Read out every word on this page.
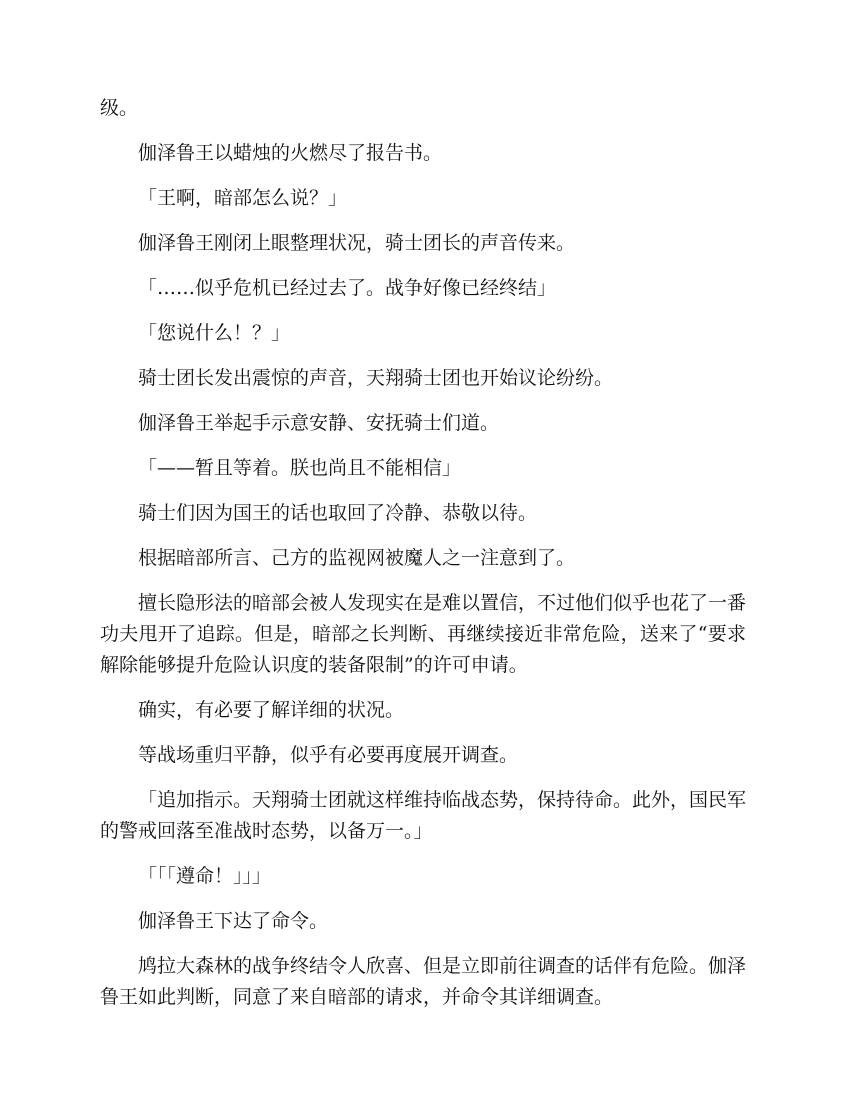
级。

伽泽鲁王以蜡烛的火燃尽了报告书。

「王啊，暗部怎么说？」

伽泽鲁王刚闭上眼整理状况，骑士团长的声音传来。

「……似乎危机已经过去了。战争好像已经终结」

「您说什么！？」

骑士团长发出震惊的声音，天翔骑士团也开始议论纷纷。

伽泽鲁王举起手示意安静、安抚骑士们道。

「——暂且等着。朕也尚且不能相信」

骑士们因为国王的话也取回了冷静、恭敬以待。

根据暗部所言、己方的监视网被魔人之一注意到了。

擅长隐形法的暗部会被人发现实在是难以置信，不过他们似乎也花了一番功夫甩开了追踪。但是，暗部之长判断、再继续接近非常危险，送来了“要求解除能够提升危险认识度的装备限制”的许可申请。

确实，有必要了解详细的状况。

等战场重归平静，似乎有必要再度展开调查。

「追加指示。天翔骑士团就这样维持临战态势，保持待命。此外，国民军的警戒回落至准战时态势，以备万一。」

「「「遵命！」」」

伽泽鲁王下达了命令。

鸠拉大森林的战争终结令人欣喜、但是立即前往调查的话伴有危险。伽泽鲁王如此判断，同意了来自暗部的请求，并命令其详细调查。
